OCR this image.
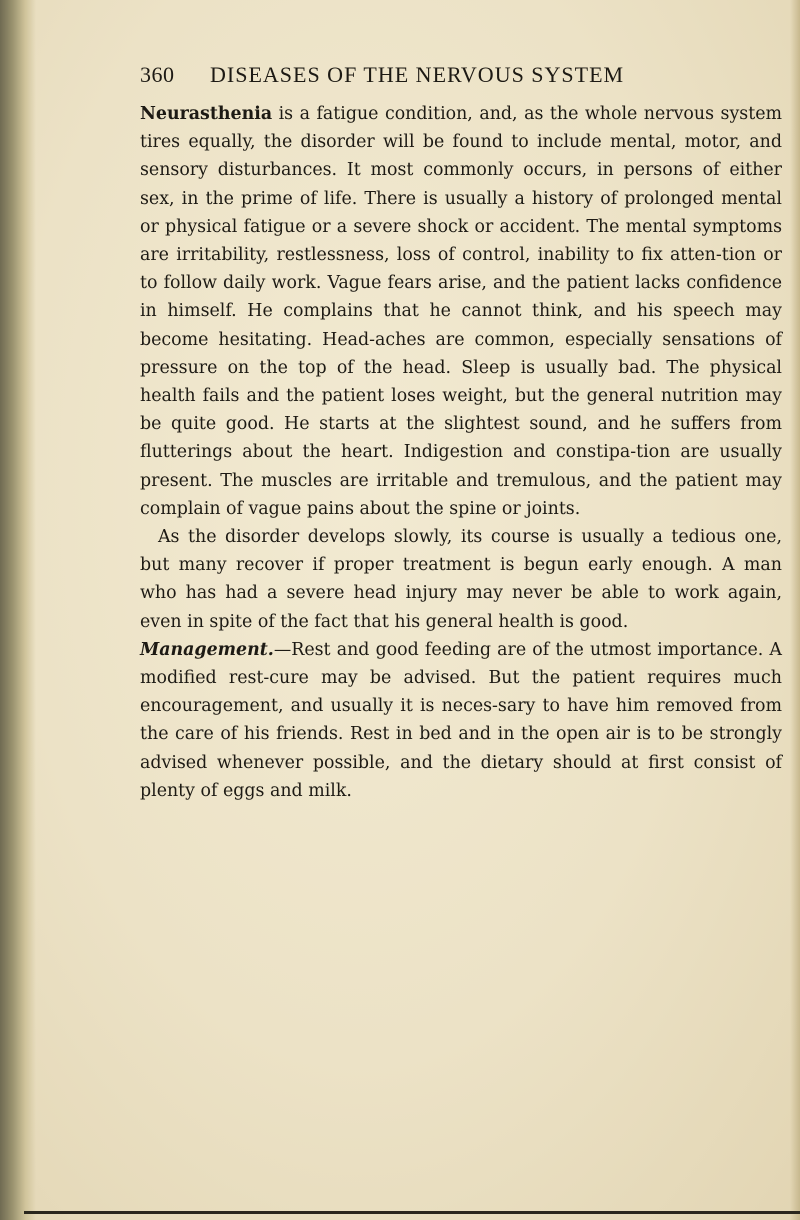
360 DISEASES OF THE NERVOUS SYSTEM

Neurasthenia is a fatigue condition, and, as the whole nervous system tires equally, the disorder will be found to include mental, motor, and sensory disturbances. It most commonly occurs, in persons of either sex, in the prime of life. There is usually a history of prolonged mental or physical fatigue or a severe shock or accident. The mental symptoms are irritability, restlessness, loss of control, inability to fix atten-tion or to follow daily work. Vague fears arise, and the patient lacks confidence in himself. He complains that he cannot think, and his speech may become hesitating. Head-aches are common, especially sensations of pressure on the top of the head. Sleep is usually bad. The physical health fails and the patient loses weight, but the general nutrition may be quite good. He starts at the slightest sound, and he suffers from flutterings about the heart. Indigestion and constipa-tion are usually present. The muscles are irritable and tremulous, and the patient may complain of vague pains about the spine or joints.

As the disorder develops slowly, its course is usually a tedious one, but many recover if proper treatment is begun early enough. A man who has had a severe head injury may never be able to work again, even in spite of the fact that his general health is good.

Management.—Rest and good feeding are of the utmost importance. A modified rest-cure may be advised. But the patient requires much encouragement, and usually it is neces-sary to have him removed from the care of his friends. Rest in bed and in the open air is to be strongly advised whenever possible, and the dietary should at first consist of plenty of eggs and milk.
